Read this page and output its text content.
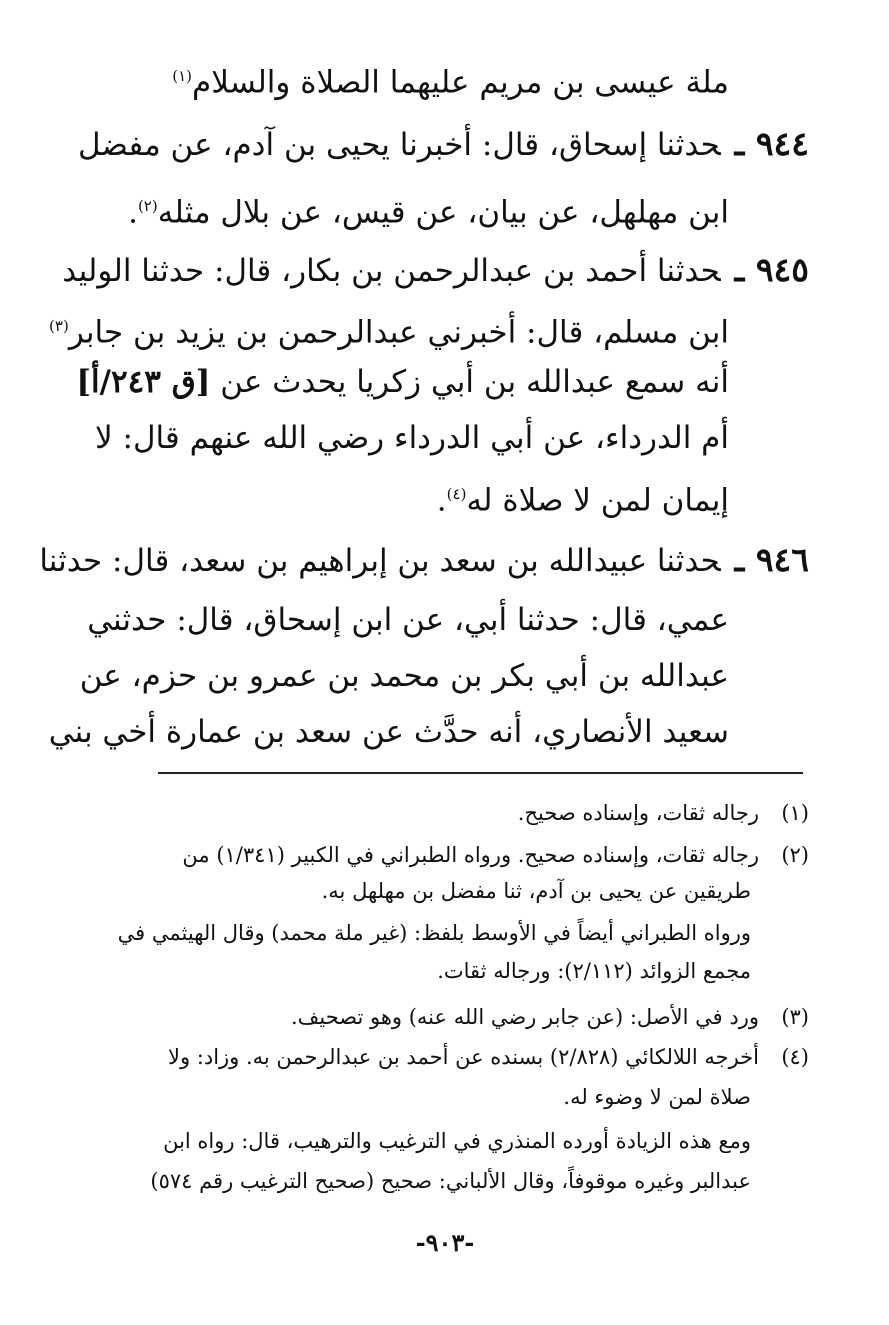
ملة عيسى بن مريم عليهما الصلاة والسلام$^{(١)}$
٩٤٤ ـحدثنا إسحاق، قال: أخبرنا يحيى بن آدم، عن مفضل
ابن مهلهل، عن بيان، عن قيس، عن بلال مثله$^{(٢)}$.
٩٤٥ ـحدثنا أحمد بن عبدالرحمن بن بكار، قال: حدثنا الوليد
ابن مسلم، قال: أخبرني عبدالرحمن بن يزيد بن جابر$^{(٣)}$
أنه سمع عبدالله بن أبي زكريا يحدث عن [ق ٢٤٣/أ]
أم الدرداء، عن أبي الدرداء رضي الله عنهم قال: لا
إيمان لمن لا صلاة له$^{(٤)}$.
٩٤٦ ـحدثنا عبيدالله بن سعد بن إبراهيم بن سعد، قال: حدثنا
عمي، قال: حدثنا أبي، عن ابن إسحاق، قال: حدثني
عبدالله بن أبي بكر بن محمد بن عمرو بن حزم، عن
سعيد الأنصاري، أنه حدَّث عن سعد بن عمارة أخي بني
(١)رجاله ثقات، وإسناده صحيح.
(٢)رجاله ثقات، وإسناده صحيح. ورواه الطبراني في الكبير (١/٣٤١) من
طريقين عن يحيى بن آدم، ثنا مفضل بن مهلهل به.
ورواه الطبراني أيضاً في الأوسط بلفظ: (غير ملة محمد) وقال الهيثمي في
مجمع الزوائد (٢/١١٢): ورجاله ثقات.
(٣)ورد في الأصل: (عن جابر رضي الله عنه) وهو تصحيف.
(٤)أخرجه اللالكائي (٢/٨٢٨) بسنده عن أحمد بن عبدالرحمن به. وزاد: ولا
صلاة لمن لا وضوء له.
ومع هذه الزيادة أورده المنذري في الترغيب والترهيب، قال: رواه ابن
عبدالبر وغيره موقوفاً، وقال الألباني: صحيح (صحيح الترغيب رقم ٥٧٤)
-٩٠٣-
